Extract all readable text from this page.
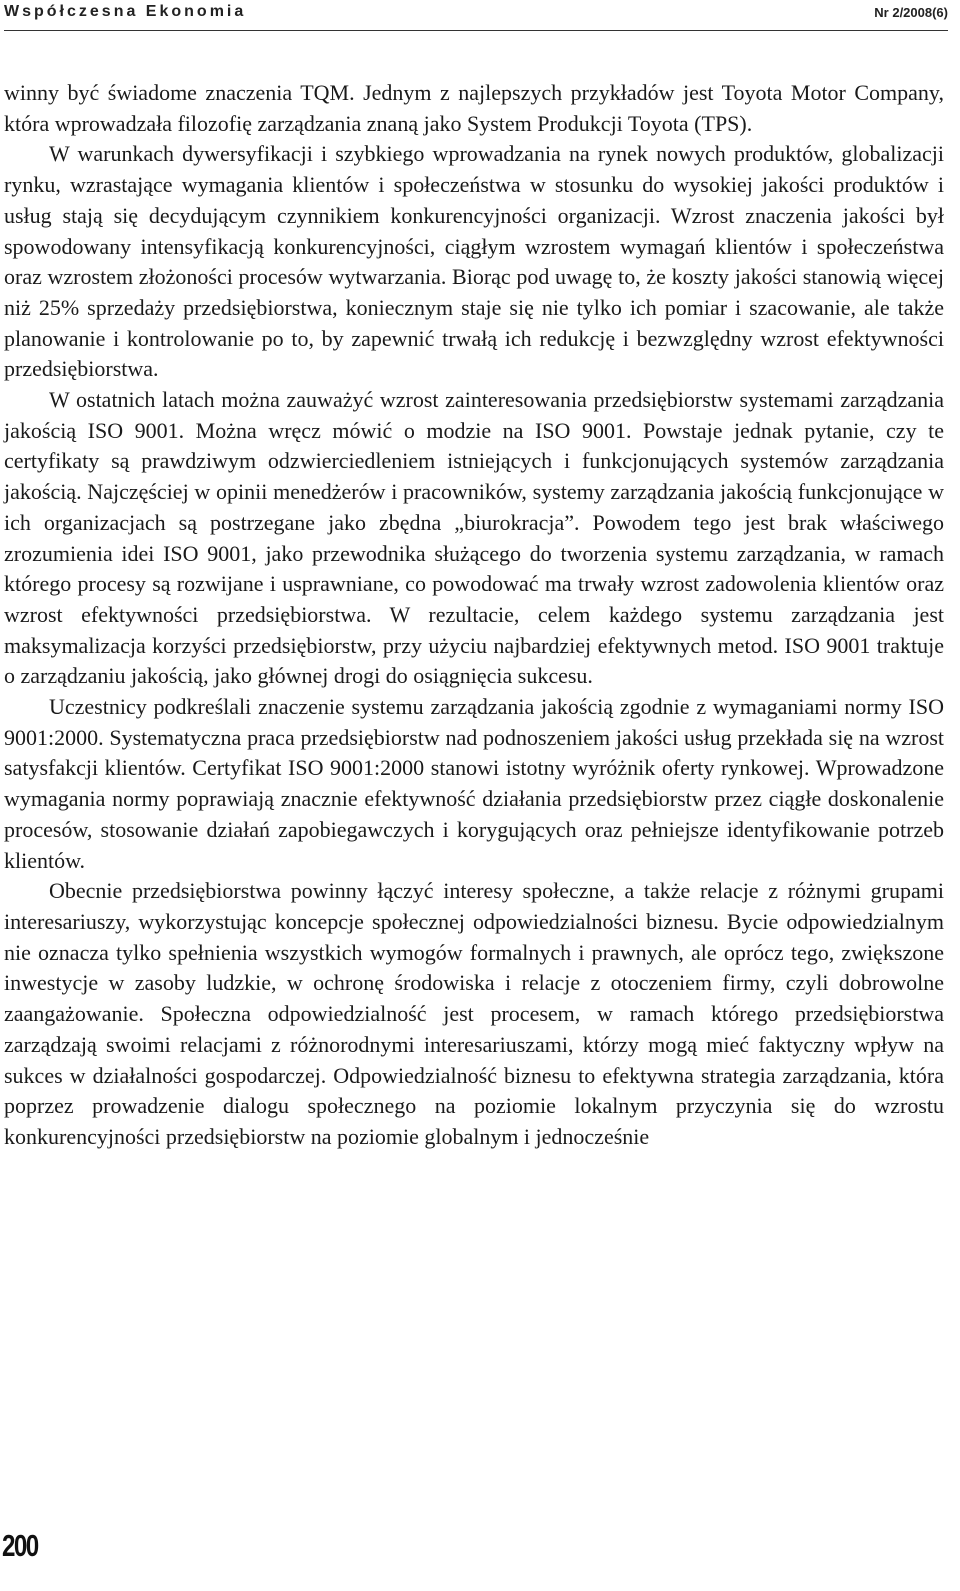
Współczesna Ekonomia	Nr 2/2008(6)

winny być świadome znaczenia TQM. Jednym z najlepszych przykładów jest Toyota Motor Company, która wprowadzała filozofię zarządzania znaną jako System Produkcji Toyota (TPS).

W warunkach dywersyfikacji i szybkiego wprowadzania na rynek nowych produktów, globalizacji rynku, wzrastające wymagania klientów i społeczeństwa w stosunku do wysokiej jakości produktów i usług stają się decydującym czynnikiem konkurencyjności organizacji. Wzrost znaczenia jakości był spowodowany intensyfikacją konkurencyjności, ciągłym wzrostem wymagań klientów i społeczeństwa oraz wzrostem złożoności procesów wytwarzania. Biorąc pod uwagę to, że koszty jakości stanowią więcej niż 25% sprzedaży przedsiębiorstwa, koniecznym staje się nie tylko ich pomiar i szacowanie, ale także planowanie i kontrolowanie po to, by zapewnić trwałą ich redukcję i bezwzględny wzrost efektywności przedsiębiorstwa.

W ostatnich latach można zauważyć wzrost zainteresowania przedsiębiorstw systemami zarządzania jakością ISO 9001. Można wręcz mówić o modzie na ISO 9001. Powstaje jednak pytanie, czy te certyfikaty są prawdziwym odzwierciedleniem istniejących i funkcjonujących systemów zarządzania jakością. Najczęściej w opinii menedżerów i pracowników, systemy zarządzania jakością funkcjonujące w ich organizacjach są postrzegane jako zbędna „biurokracja”. Powodem tego jest brak właściwego zrozumienia idei ISO 9001, jako przewodnika służącego do tworzenia systemu zarządzania, w ramach którego procesy są rozwijane i usprawniane, co powodować ma trwały wzrost zadowolenia klientów oraz wzrost efektywności przedsiębiorstwa. W rezultacie, celem każdego systemu zarządzania jest maksymalizacja korzyści przedsiębiorstw, przy użyciu najbardziej efektywnych metod. ISO 9001 traktuje o zarządzaniu jakością, jako głównej drogi do osiągnięcia sukcesu.

Uczestnicy podkreślali znaczenie systemu zarządzania jakością zgodnie z wymaganiami normy ISO 9001:2000. Systematyczna praca przedsiębiorstw nad podnoszeniem jakości usług przekłada się na wzrost satysfakcji klientów. Certyfikat ISO 9001:2000 stanowi istotny wyróżnik oferty rynkowej. Wprowadzone wymagania normy poprawiają znacznie efektywność działania przedsiębiorstw przez ciągłe doskonalenie procesów, stosowanie działań zapobiegawczych i korygujących oraz pełniejsze identyfikowanie potrzeb klientów.

Obecnie przedsiębiorstwa powinny łączyć interesy społeczne, a także relacje z różnymi grupami interesariuszy, wykorzystując koncepcje społecznej odpowiedzialności biznesu. Bycie odpowiedzialnym nie oznacza tylko spełnienia wszystkich wymogów formalnych i prawnych, ale oprócz tego, zwiększone inwestycje w zasoby ludzkie, w ochronę środowiska i relacje z otoczeniem firmy, czyli dobrowolne zaangażowanie. Społeczna odpowiedzialność jest procesem, w ramach którego przedsiębiorstwa zarządzają swoimi relacjami z różnorodnymi interesariuszami, którzy mogą mieć faktyczny wpływ na sukces w działalności gospodarczej. Odpowiedzialność biznesu to efektywna strategia zarządzania, która poprzez prowadzenie dialogu społecznego na poziomie lokalnym przyczynia się do wzrostu konkurencyjności przedsiębiorstw na poziomie globalnym i jednocześnie

200
